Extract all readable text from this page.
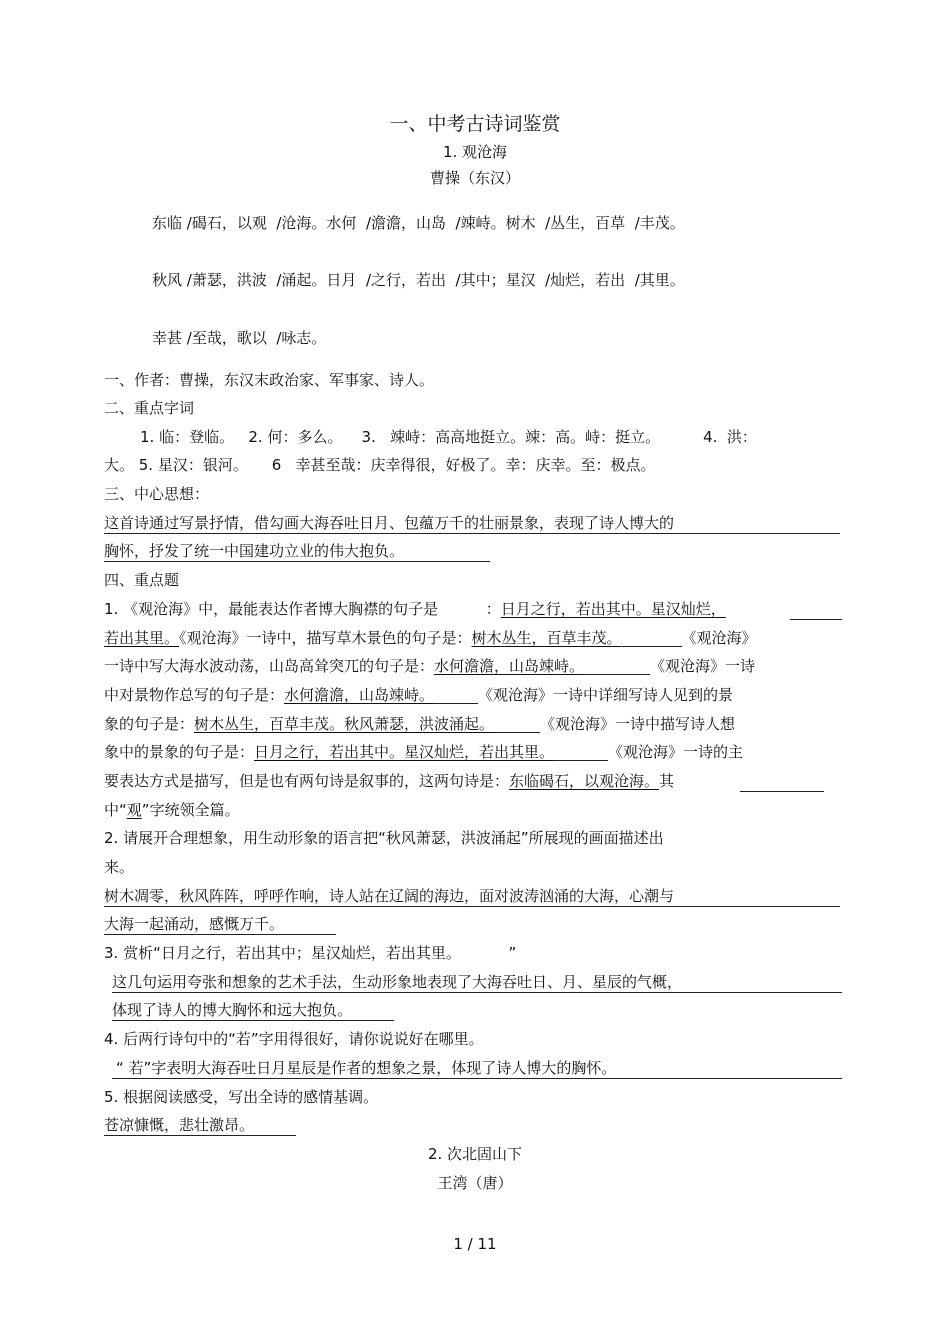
一、中考古诗词鉴赏
1. 观沧海
曹操（东汉）
东临 /碣石，以观  /沧海。水何  /澹澹，山岛  /竦峙。树木  /丛生，百草  /丰茂。
秋风 /萧瑟，洪波  /涌起。日月  /之行，若出  /其中；星汉  /灿烂，若出  /其里。
幸甚 /至哉，歌以  /咏志。
一、作者：曹操，东汉末政治家、军事家、诗人。
二、重点字词
1. 临：登临。   2. 何：多么。    3.   竦峙：高高地挺立。竦：高。峙：挺立。         4.  洪：
大。 5. 星汉：银河。     6   幸甚至哉：庆幸得很，好极了。幸：庆幸。至：极点。
三、中心思想：
这首诗通过写景抒情，借勾画大海吞吐日月、包蕴万千的壮丽景象，表现了诗人博大的
胸怀，抒发了统一中国建功立业的伟大抱负。
四、重点题
1. 《观沧海》中，最能表达作者博大胸襟的句子是          ：日月之行，若出其中。星汉灿烂，
若出其里。《观沧海》一诗中，描写草木景色的句子是：树木丛生，百草丰茂。	《观沧海》
一诗中写大海水波动荡，山岛高耸突兀的句子是：水何澹澹，山岛竦峙。	《观沧海》一诗
中对景物作总写的句子是：水何澹澹，山岛竦峙。	《观沧海》一诗中详细写诗人见到的景
象的句子是：树木丛生，百草丰茂。秋风萧瑟，洪波涌起。	《观沧海》一诗中描写诗人想
象中的景象的句子是：日月之行，若出其中。星汉灿烂，若出其里。	《观沧海》一诗的主
要表达方式是描写，但是也有两句诗是叙事的，这两句诗是：东临碣石，以观沧海。其
中“观”字统领全篇。
2. 请展开合理想象，用生动形象的语言把“秋风萧瑟，洪波涌起”所展现的画面描述出
来。
树木凋零，秋风阵阵，呼呼作响，诗人站在辽阔的海边，面对波涛汹涌的大海，心潮与
大海一起涌动，感慨万千。
3. 赏析“日月之行，若出其中；星汉灿烂，若出其里。          ”
这几句运用夸张和想象的艺术手法，生动形象地表现了大海吞吐日、月、星辰的气概，
体现了诗人的博大胸怀和远大抱负。
4. 后两行诗句中的“若”字用得很好，请你说说好在哪里。
“ 若”字表明大海吞吐日月星辰是作者的想象之景，体现了诗人博大的胸怀。
5. 根据阅读感受，写出全诗的感情基调。
苍凉慷慨，悲壮激昂。
2. 次北固山下
王湾（唐）
1 / 11
